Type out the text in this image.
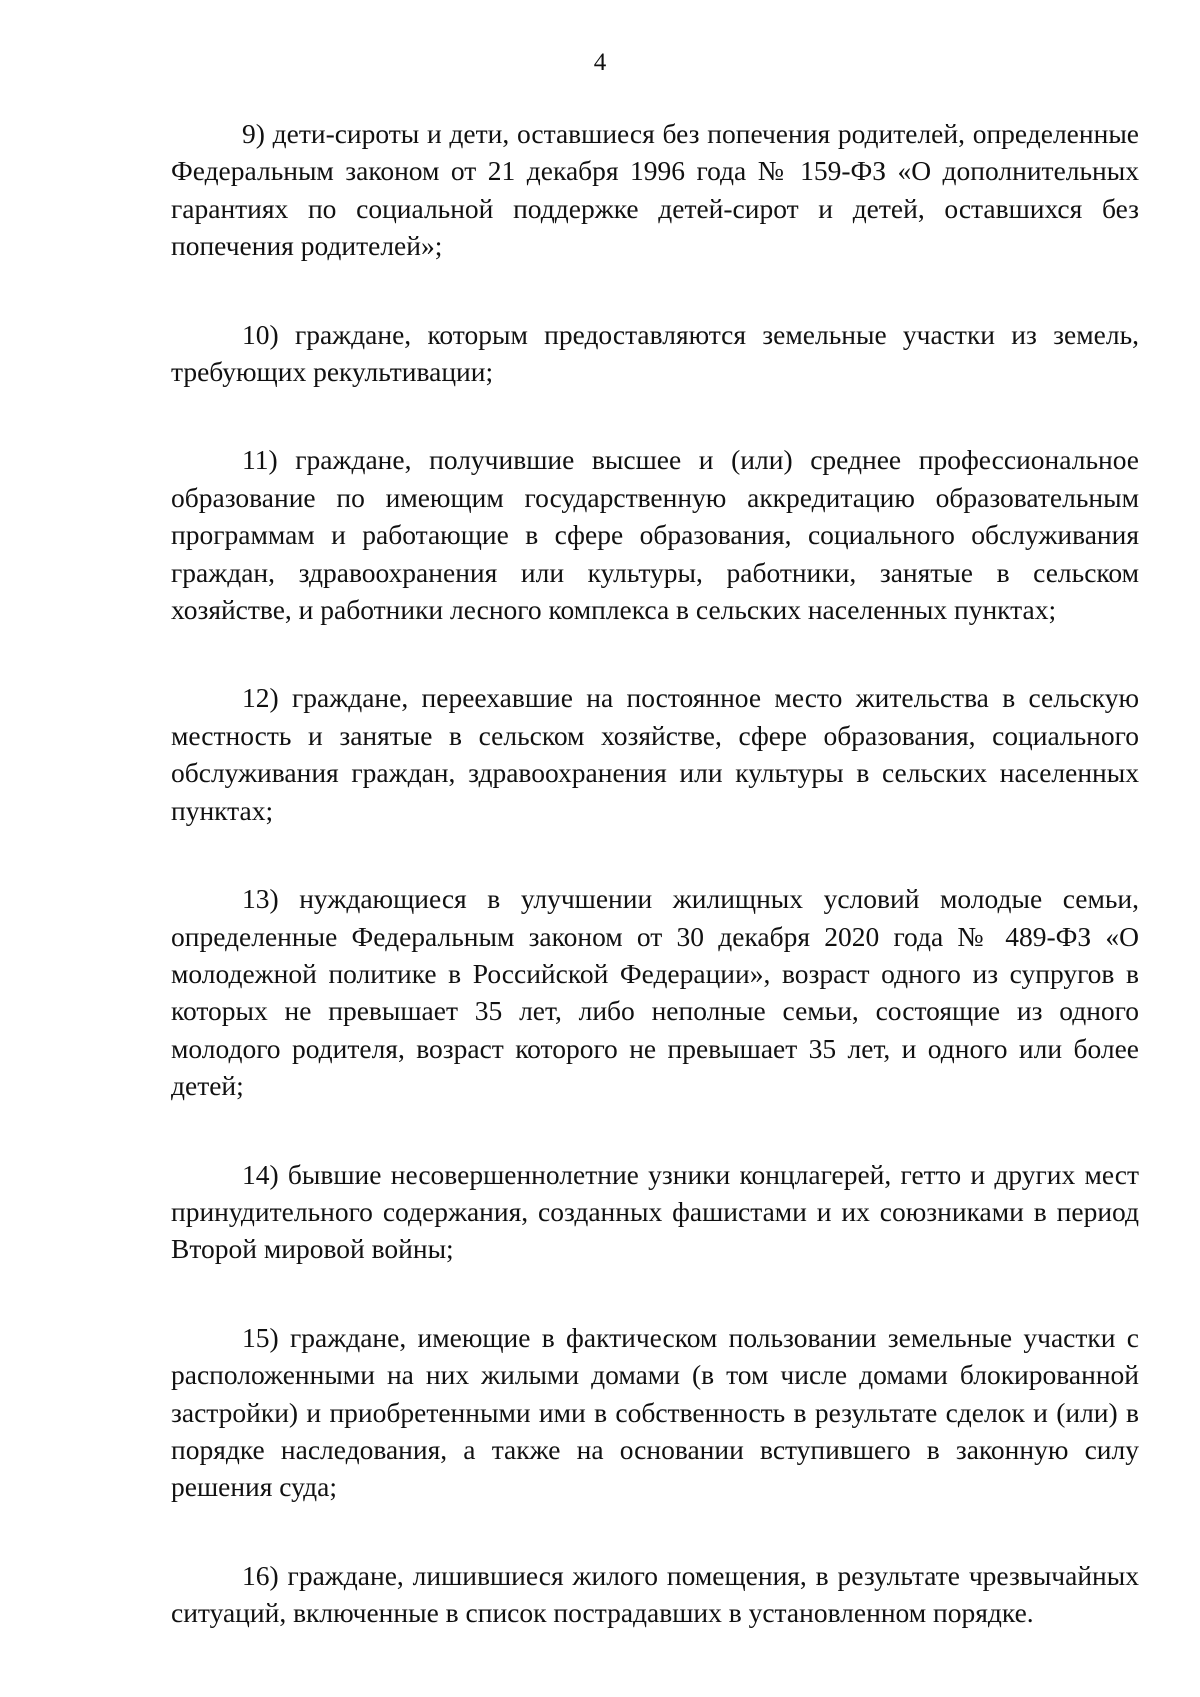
4

9) дети-сироты и дети, оставшиеся без попечения родителей, определенные Федеральным законом от 21 декабря 1996 года № 159-ФЗ «О дополнительных гарантиях по социальной поддержке детей-сирот и детей, оставшихся без попечения родителей»;

10) граждане, которым предоставляются земельные участки из земель, требующих рекультивации;

11) граждане, получившие высшее и (или) среднее профессиональное образование по имеющим государственную аккредитацию образовательным программам и работающие в сфере образования, социального обслуживания граждан, здравоохранения или культуры, работники, занятые в сельском хозяйстве, и работники лесного комплекса в сельских населенных пунктах;

12) граждане, переехавшие на постоянное место жительства в сельскую местность и занятые в сельском хозяйстве, сфере образования, социального обслуживания граждан, здравоохранения или культуры в сельских населенных пунктах;

13) нуждающиеся в улучшении жилищных условий молодые семьи, определенные Федеральным законом от 30 декабря 2020 года № 489-ФЗ «О молодежной политике в Российской Федерации», возраст одного из супругов в которых не превышает 35 лет, либо неполные семьи, состоящие из одного молодого родителя, возраст которого не превышает 35 лет, и одного или более детей;

14) бывшие несовершеннолетние узники концлагерей, гетто и других мест принудительного содержания, созданных фашистами и их союзниками в период Второй мировой войны;

15) граждане, имеющие в фактическом пользовании земельные участки с расположенными на них жилыми домами (в том числе домами блокированной застройки) и приобретенными ими в собственность в результате сделок и (или) в порядке наследования, а также на основании вступившего в законную силу решения суда;

16) граждане, лишившиеся жилого помещения, в результате чрезвычайных ситуаций, включенные в список пострадавших в установленном порядке.
